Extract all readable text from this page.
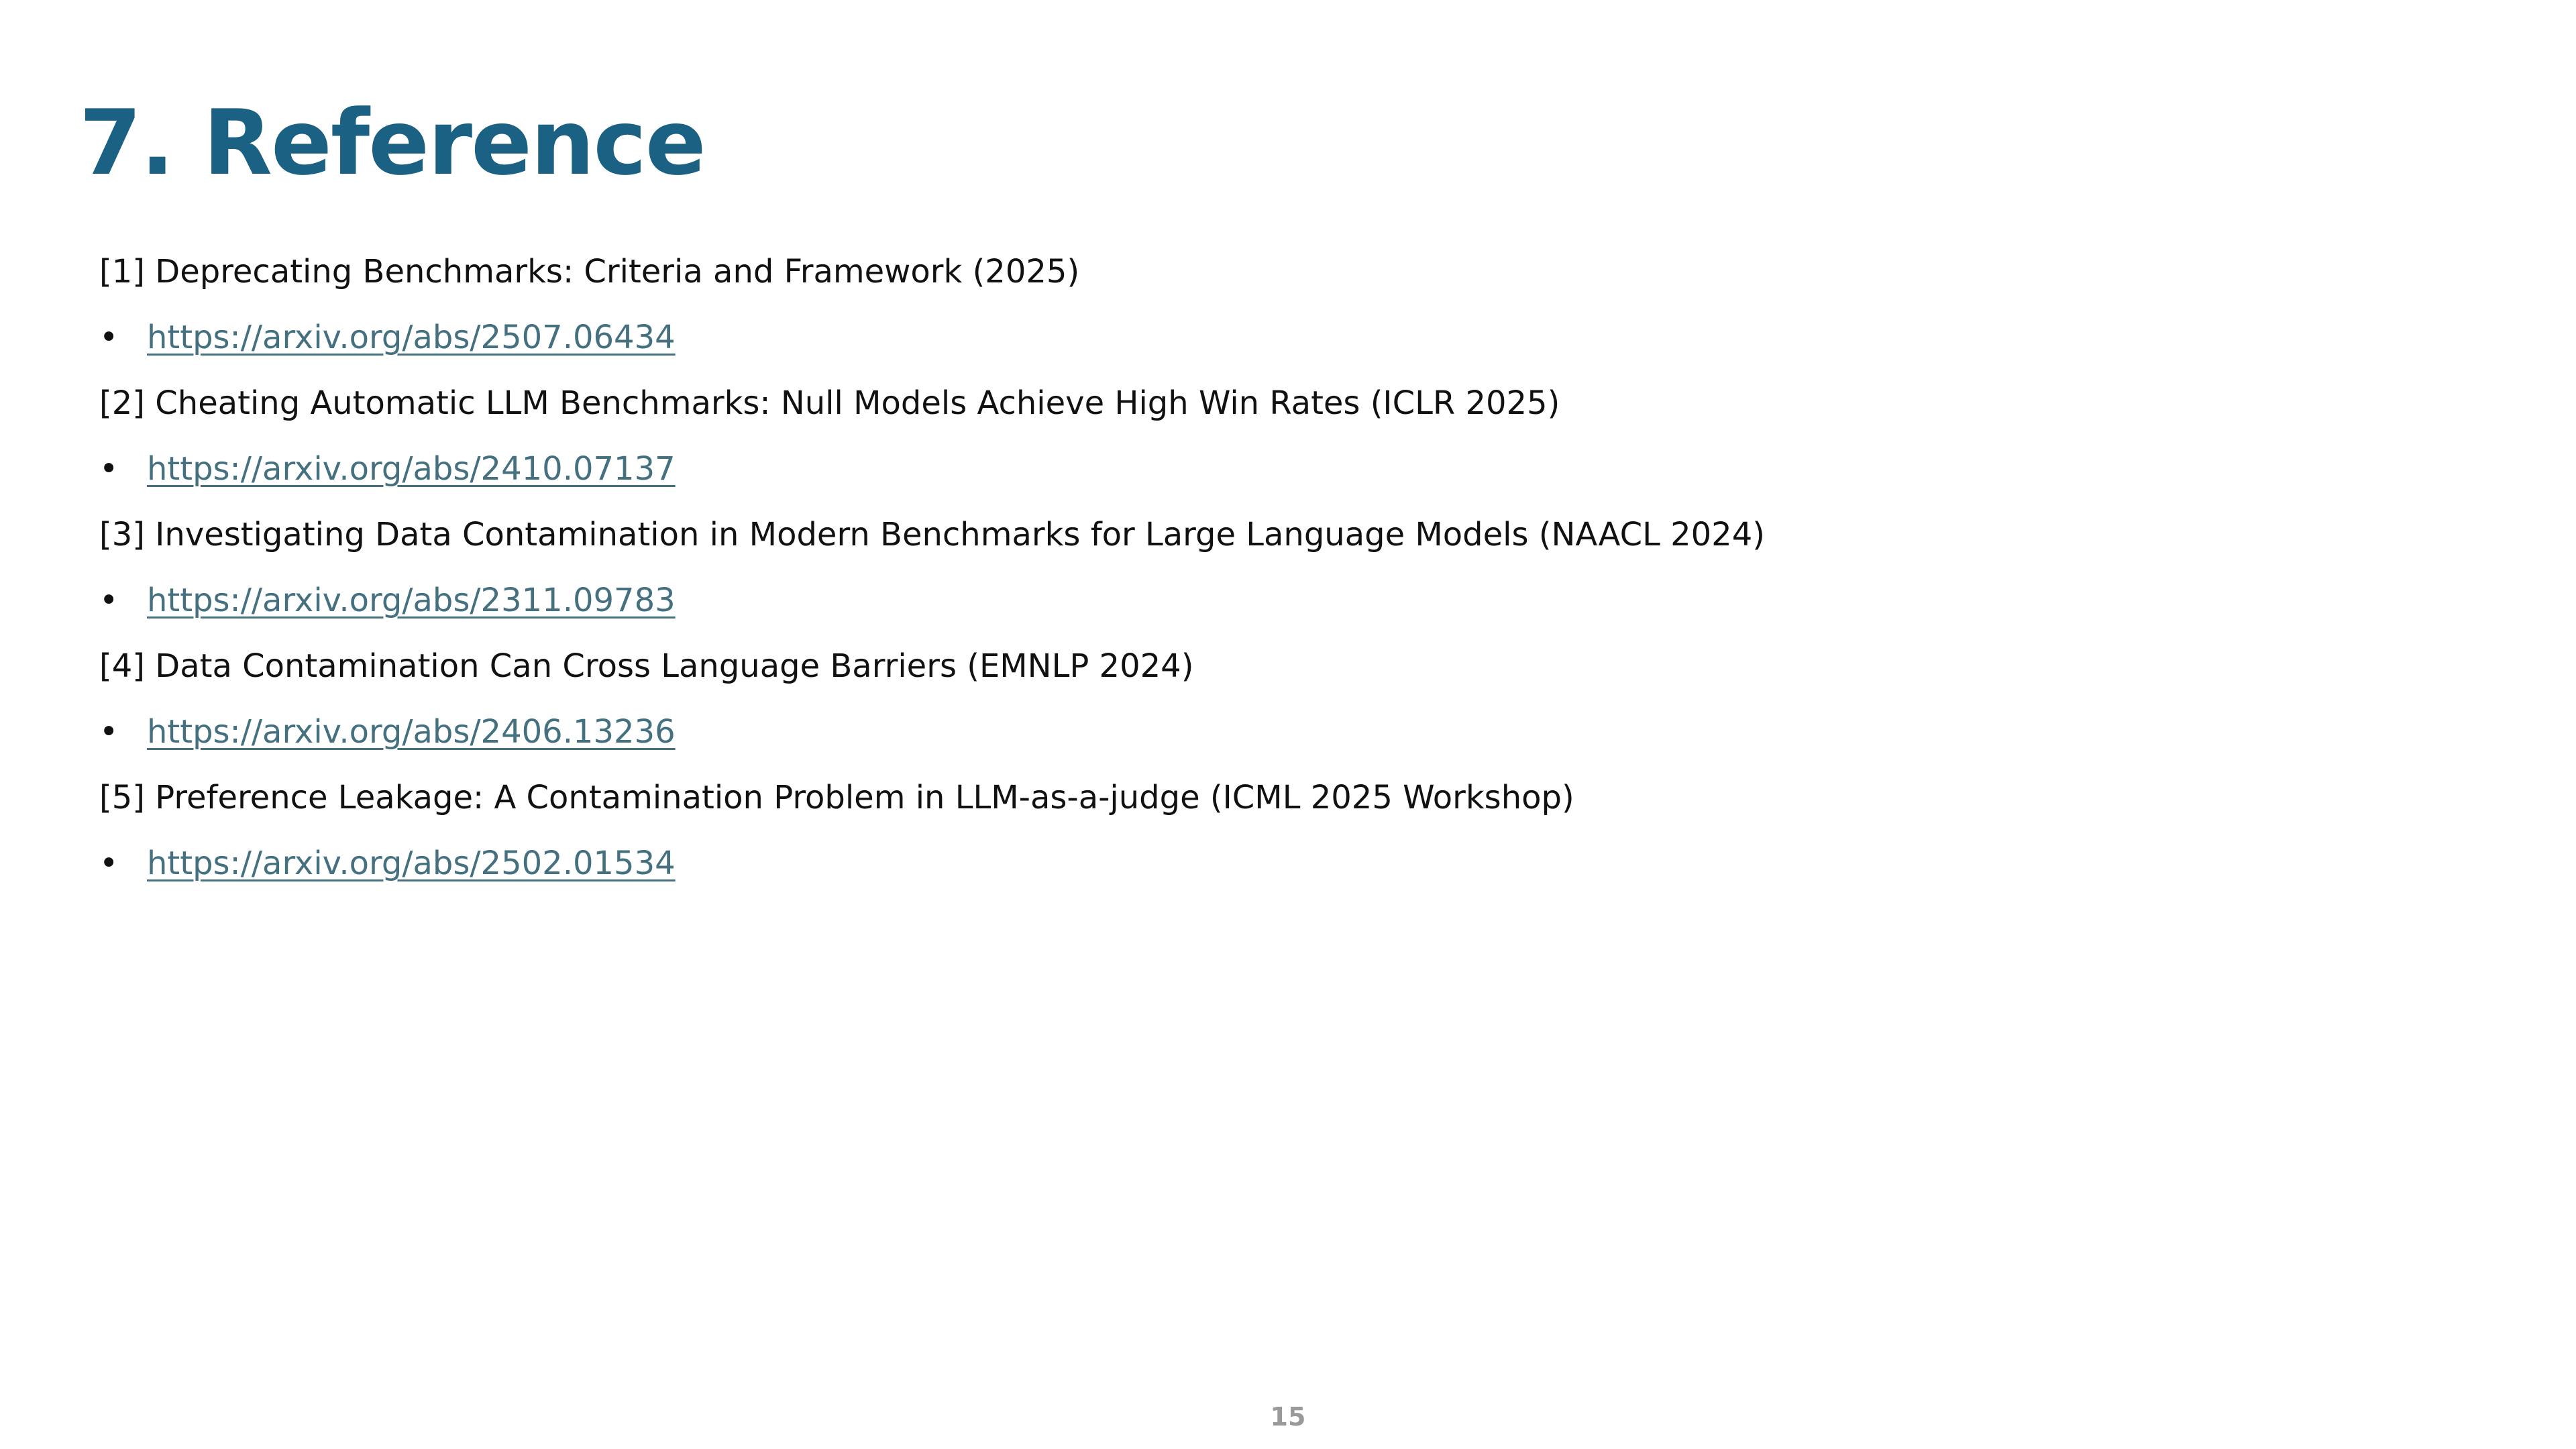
7. Reference
[1] Deprecating Benchmarks: Criteria and Framework (2025)
• https://arxiv.org/abs/2507.06434
[2] Cheating Automatic LLM Benchmarks: Null Models Achieve High Win Rates (ICLR 2025)
• https://arxiv.org/abs/2410.07137
[3] Investigating Data Contamination in Modern Benchmarks for Large Language Models (NAACL 2024)
• https://arxiv.org/abs/2311.09783
[4] Data Contamination Can Cross Language Barriers (EMNLP 2024)
• https://arxiv.org/abs/2406.13236
[5] Preference Leakage: A Contamination Problem in LLM-as-a-judge (ICML 2025 Workshop)
• https://arxiv.org/abs/2502.01534
15
